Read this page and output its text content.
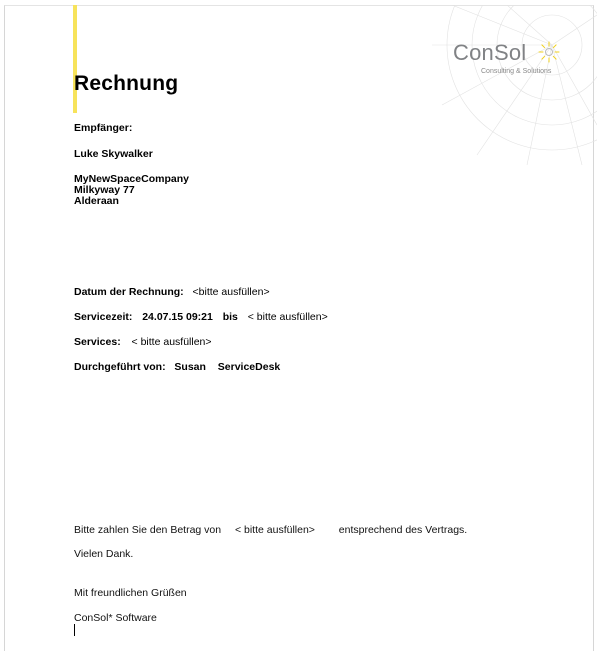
ConSol
Consulting & Solutions
Rechnung

Empfänger:

Luke Skywalker

MyNewSpaceCompany
Milkyway 77
Alderaan
Datum der Rechnung: <bitte ausfüllen>
Servicezeit: 24.07.15 09:21 bis < bitte ausfüllen>
Services: < bitte ausfüllen>
Durchgeführt von: Susan ServiceDesk
Bitte zahlen Sie den Betrag von < bitte ausfüllen> entsprechend des Vertrags.
Vielen Dank.
Mit freundlichen Grüßen
ConSol* Software
